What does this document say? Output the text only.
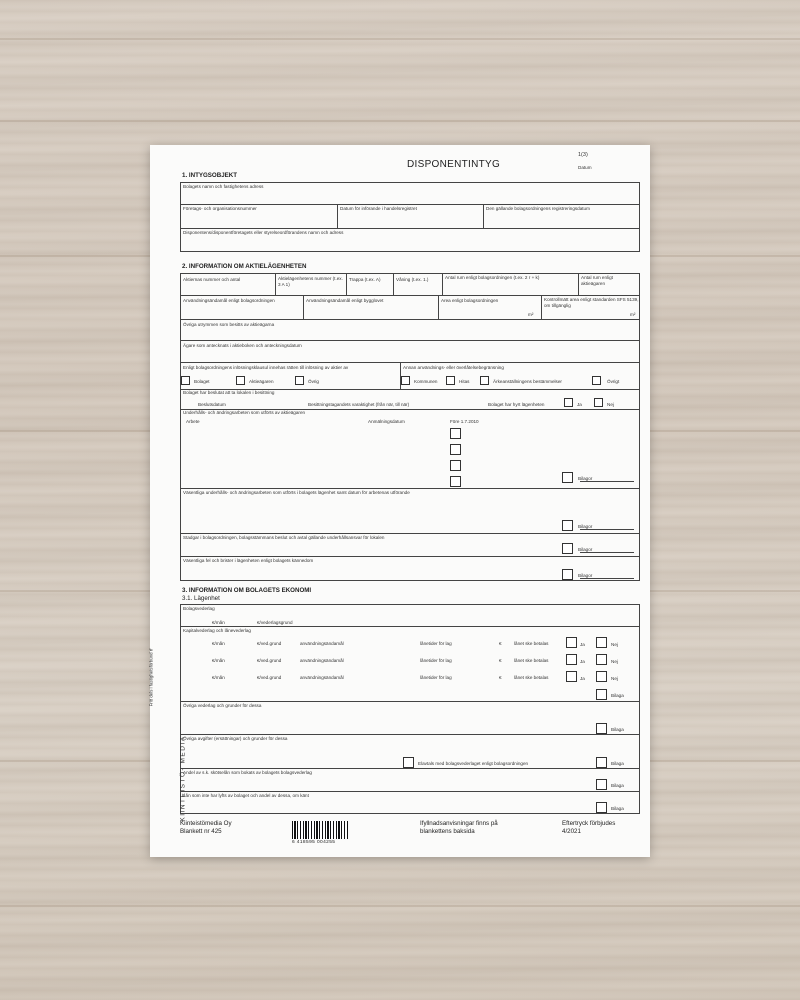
DISPONENTINTYG
1(3)
Datum
1. INTYGSOBJEKT
Bolagets namn och fastighetens adress
Företags- och organisationsnummer	Datum för införande i handelsregistret	Den gällande bolagsordningens registreringsdatum
Disponentens/disponentföretagets eller styrelseordförandens namn och adress
2. INFORMATION OM AKTIELÄGENHETEN
Aktiernas nummer och antal	Aktielägenhetens nummer (t.ex. 3 A 1)
Trappa (t.ex. A)	Våning (t.ex. 1.)	Antal rum enligt bolagsordningen (t.ex. 2 r + k)	Antal rum enligt aktieägaren
Användningsändamål enligt bolagsordningen	Användningsändamål enligt bygglovet	Area enligt bolagsordningen	Kontrollmätt area enligt standarden SFS 5139, om tillgänglig
m²	m²
Övriga utrymmen som besitts av aktieägarna
Ägare som antecknats i aktieboken och anteckningsdatum
Enligt bolagsordningens inlösningsklausul innehas rätten till inlösning av aktier av	Annan användnings- eller överlåtelsebegränsning
Bolaget	Aktieägaren	Övrig	Kommunen	Hitas	Ärkeanställningens bestämmelser	Övrigt
Bolaget har beslutat att ta lokalen i besittning
Beslutsdatum	Besittningstagandets varaktighet (från när, till när)	Bolaget har hyrt lägenheten	Ja	Nej
Underhålls- och ändringsarbeten som utförts av aktieägaren
Arbete	Anmälningsdatum	Före 1.7.2010
Bilagor
Väsentliga underhålls- och ändringsarbeten som utförts i bolagets lägenhet samt datum för arbetenas utförande
Bilagor
Stadgar i bolagsordningen, bolagsstämmans beslut och avtal gällande underhållsansvar för lokalen
Bilagor
Väsentliga fel och brister i lägenheten enligt bolagets kännedom
Bilagor
3. INFORMATION OM BOLAGETS EKONOMI
3.1. Lägenhet
Bolagsvederlag
€/mån	€/vederlagsgrund
Kapitalvederlag och lånevederlag
€/mån	€/ved.grund	användningsändamål	lånetider för lag	€	lånet ske betalas	Ja	Nej
€/mån	€/ved.grund	användningsändamål	lånetider för lag	€	lånet ske betalas	Ja	Nej
€/mån	€/ved.grund	användningsändamål	lånetider för lag	€	lånet ske betalas	Ja	Nej
Bilaga
Övriga vederlag och grunder för dessa
Bilaga
Övriga avgifter (ersättningar) och grunder för dessa
Elavtals med bolagsvederlaget enligt bolagsordningen	Bilaga
Andel av s.k. skötselån som bokats av bolagets bolagsvederlag
Bilaga
Lån som inte har lyfts av bolaget och andel av dessa, om känt
Bilaga
Fritt dels i fastighetsförbund rf
KIINTEISTÖ- MEDIA
Kiinteistömedia Oy
Blankett nr 425
6 418595 004255
Ifyllnadsanvisningar finns på
blankettens baksida
Eftertryck förbjudes
4/2021
